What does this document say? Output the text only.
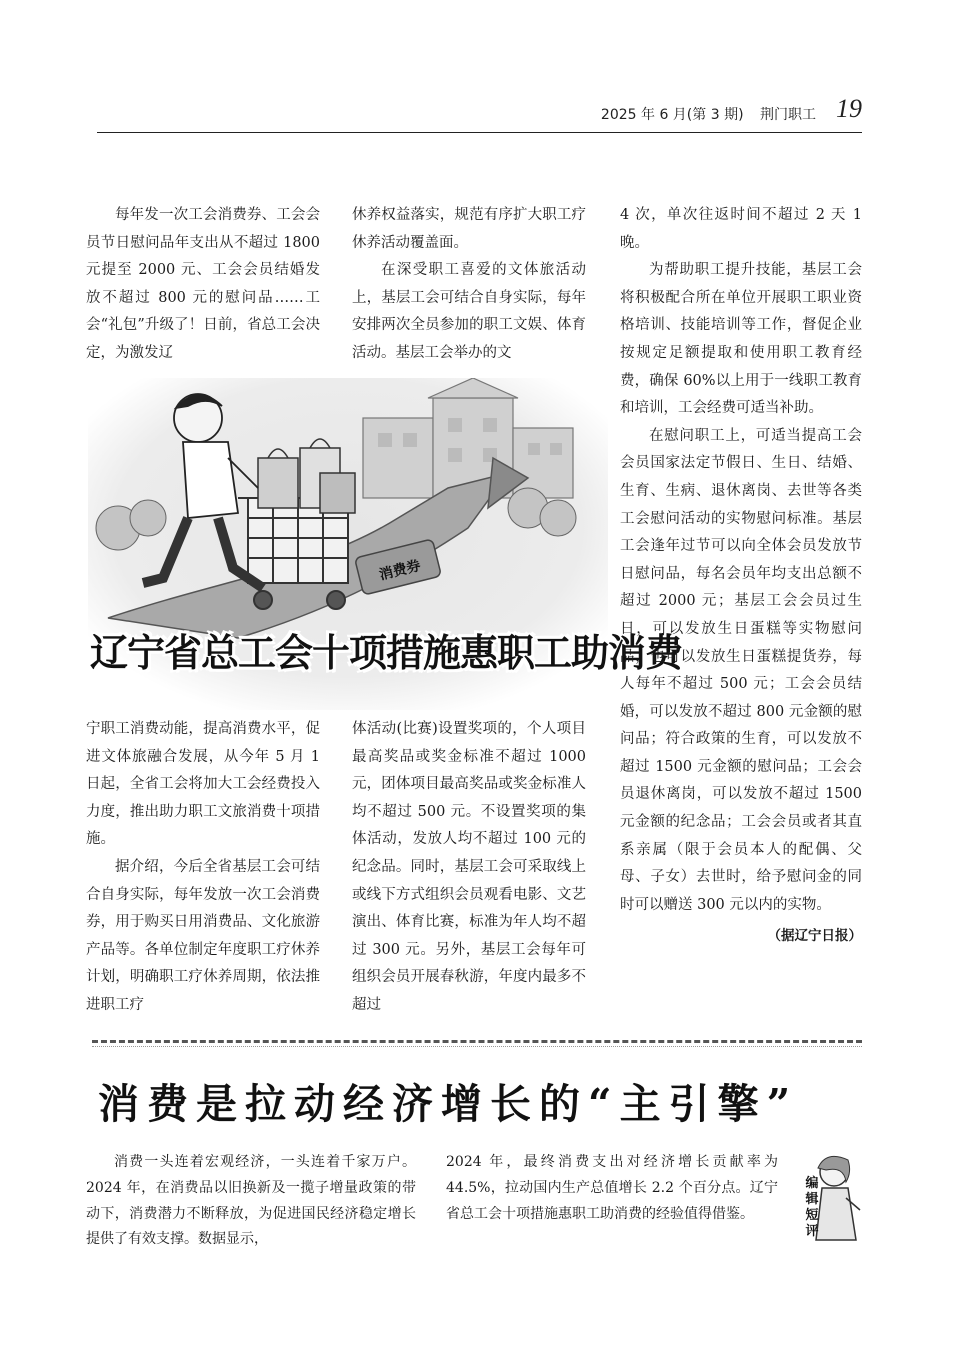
2025 年 6 月(第 3 期) 荆门职工 19

每年发一次工会消费券、工会会员节日慰问品年支出从不超过 1800 元提至 2000 元、工会会员结婚发放不超过 800 元的慰问品……工会“礼包”升级了！日前，省总工会决定，为激发辽

休养权益落实，规范有序扩大职工疗休养活动覆盖面。

在深受职工喜爱的文体旅活动上，基层工会可结合自身实际，每年安排两次全员参加的职工文娱、体育活动。基层工会举办的文

消费券
辽宁省总工会十项措施惠职工助消费

宁职工消费动能，提高消费水平，促进文体旅融合发展，从今年 5 月 1 日起，全省工会将加大工会经费投入力度，推出助力职工文旅消费十项措施。

据介绍，今后全省基层工会可结合自身实际，每年发放一次工会消费券，用于购买日用消费品、文化旅游产品等。各单位制定年度职工疗休养计划，明确职工疗休养周期，依法推进职工疗

体活动(比赛)设置奖项的，个人项目最高奖品或奖金标准不超过 1000 元，团体项目最高奖品或奖金标准人均不超过 500 元。不设置奖项的集体活动，发放人均不超过 100 元的纪念品。同时，基层工会可采取线上或线下方式组织会员观看电影、文艺演出、体育比赛，标准为年人均不超过 300 元。另外，基层工会每年可组织会员开展春秋游，年度内最多不超过

4 次，单次往返时间不超过 2 天 1 晚。

为帮助职工提升技能，基层工会将积极配合所在单位开展职工职业资格培训、技能培训等工作，督促企业按规定足额提取和使用职工教育经费，确保 60%以上用于一线职工教育和培训，工会经费可适当补助。

在慰问职工上，可适当提高工会会员国家法定节假日、生日、结婚、生育、生病、退休离岗、去世等各类工会慰问活动的实物慰问标准。基层工会逢年过节可以向全体会员发放节日慰问品，每名会员年均支出总额不超过 2000 元；基层工会会员过生日，可以发放生日蛋糕等实物慰问品，也可以发放生日蛋糕提货券，每人每年不超过 500 元；工会会员结婚，可以发放不超过 800 元金额的慰问品；符合政策的生育，可以发放不超过 1500 元金额的慰问品；工会会员退休离岗，可以发放不超过 1500 元金额的纪念品；工会会员或者其直系亲属（限于会员本人的配偶、父母、子女）去世时，给予慰问金的同时可以赠送 300 元以内的实物。

（据辽宁日报）

消费是拉动经济增长的“主引擎”

消费一头连着宏观经济，一头连着千家万户。2024 年，在消费品以旧换新及一揽子增量政策的带动下，消费潜力不断释放，为促进国民经济稳定增长提供了有效支撑。数据显示，

2024 年，最终消费支出对经济增长贡献率为 44.5%，拉动国内生产总值增长 2.2 个百分点。辽宁省总工会十项措施惠职工助消费的经验值得借鉴。

编辑短评
